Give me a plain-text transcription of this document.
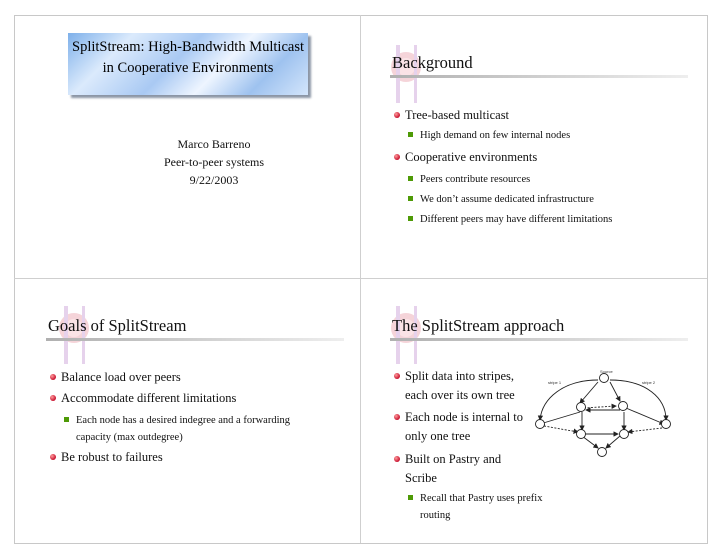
SplitStream: High-Bandwidth Multicast in Cooperative Environments
Marco Barreno
Peer-to-peer systems
9/22/2003
Background
Tree-based multicast
High demand on few internal nodes
Cooperative environments
Peers contribute resources
We don’t assume dedicated infrastructure
Different peers may have different limitations
Goals of SplitStream
Balance load over peers
Accommodate different limitations
Each node has a desired indegree and a forwarding capacity (max outdegree)
Be robust to failures
The SplitStream approach
Split data into stripes, each over its own tree
Each node is internal to only one tree
Built on Pastry and Scribe
Recall that Pastry uses prefix routing
Source
stripe 1	stripe 2
